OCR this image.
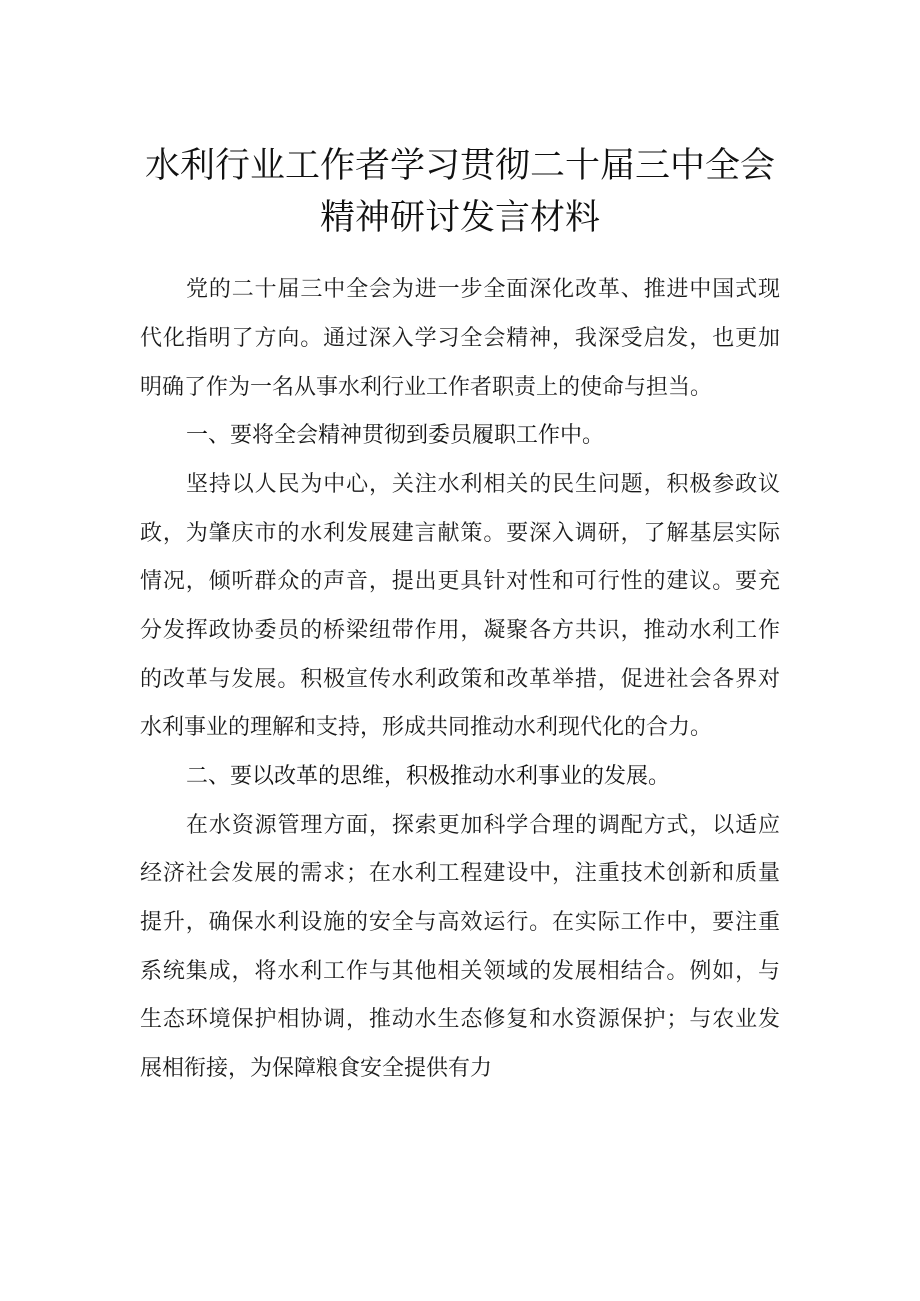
水利行业工作者学习贯彻二十届三中全会
精神研讨发言材料
党的二十届三中全会为进一步全面深化改革、推进中国式现
代化指明了方向。通过深入学习全会精神，我深受启发，也更加
明确了作为一名从事水利行业工作者职责上的使命与担当。
一、要将全会精神贯彻到委员履职工作中。
坚持以人民为中心，关注水利相关的民生问题，积极参政议
政，为肇庆市的水利发展建言献策。要深入调研，了解基层实际
情况，倾听群众的声音，提出更具针对性和可行性的建议。要充
分发挥政协委员的桥梁纽带作用，凝聚各方共识，推动水利工作
的改革与发展。积极宣传水利政策和改革举措，促进社会各界对
水利事业的理解和支持，形成共同推动水利现代化的合力。
二、要以改革的思维，积极推动水利事业的发展。
在水资源管理方面，探索更加科学合理的调配方式，以适应
经济社会发展的需求；在水利工程建设中，注重技术创新和质量
提升，确保水利设施的安全与高效运行。在实际工作中，要注重
系统集成，将水利工作与其他相关领域的发展相结合。例如，与
生态环境保护相协调，推动水生态修复和水资源保护；与农业发
展相衔接，为保障粮食安全提供有力
